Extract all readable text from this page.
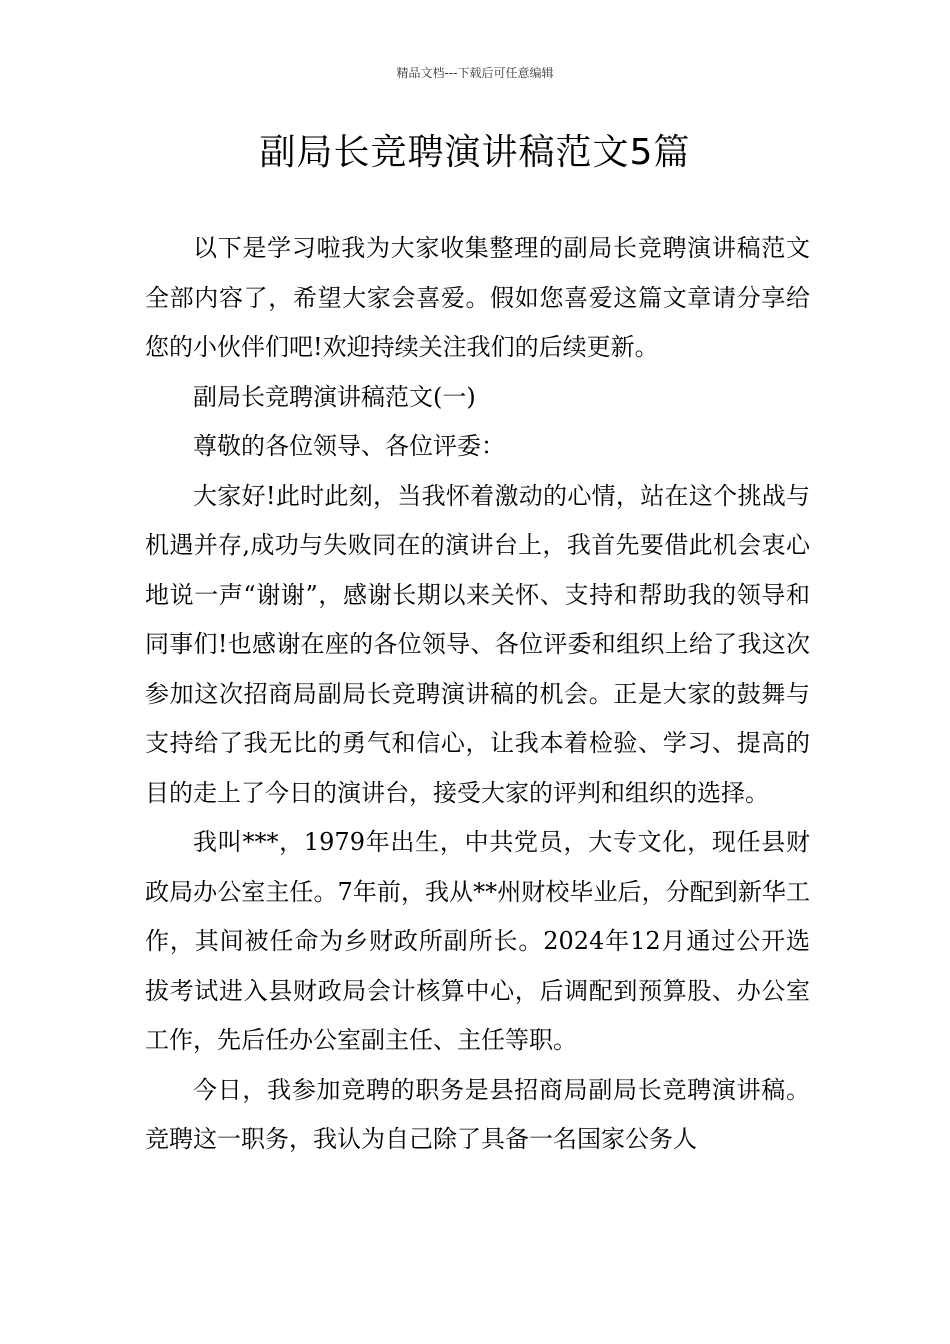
精品文档---下载后可任意编辑
副局长竞聘演讲稿范文5篇

以下是学习啦我为大家收集整理的副局长竞聘演讲稿范文全部内容了，希望大家会喜爱。假如您喜爱这篇文章请分享给您的小伙伴们吧!欢迎持续关注我们的后续更新。

副局长竞聘演讲稿范文(一)

尊敬的各位领导、各位评委：

大家好!此时此刻，当我怀着激动的心情，站在这个挑战与机遇并存,成功与失败同在的演讲台上，我首先要借此机会衷心地说一声“谢谢”，感谢长期以来关怀、支持和帮助我的领导和同事们!也感谢在座的各位领导、各位评委和组织上给了我这次参加这次招商局副局长竞聘演讲稿的机会。正是大家的鼓舞与支持给了我无比的勇气和信心，让我本着检验、学习、提高的目的走上了今日的演讲台，接受大家的评判和组织的选择。

我叫***，1979年出生，中共党员，大专文化，现任县财政局办公室主任。7年前，我从**州财校毕业后，分配到新华工作，其间被任命为乡财政所副所长。2024年12月通过公开选拔考试进入县财政局会计核算中心，后调配到预算股、办公室工作，先后任办公室副主任、主任等职。

今日，我参加竞聘的职务是县招商局副局长竞聘演讲稿。竞聘这一职务，我认为自己除了具备一名国家公务人
